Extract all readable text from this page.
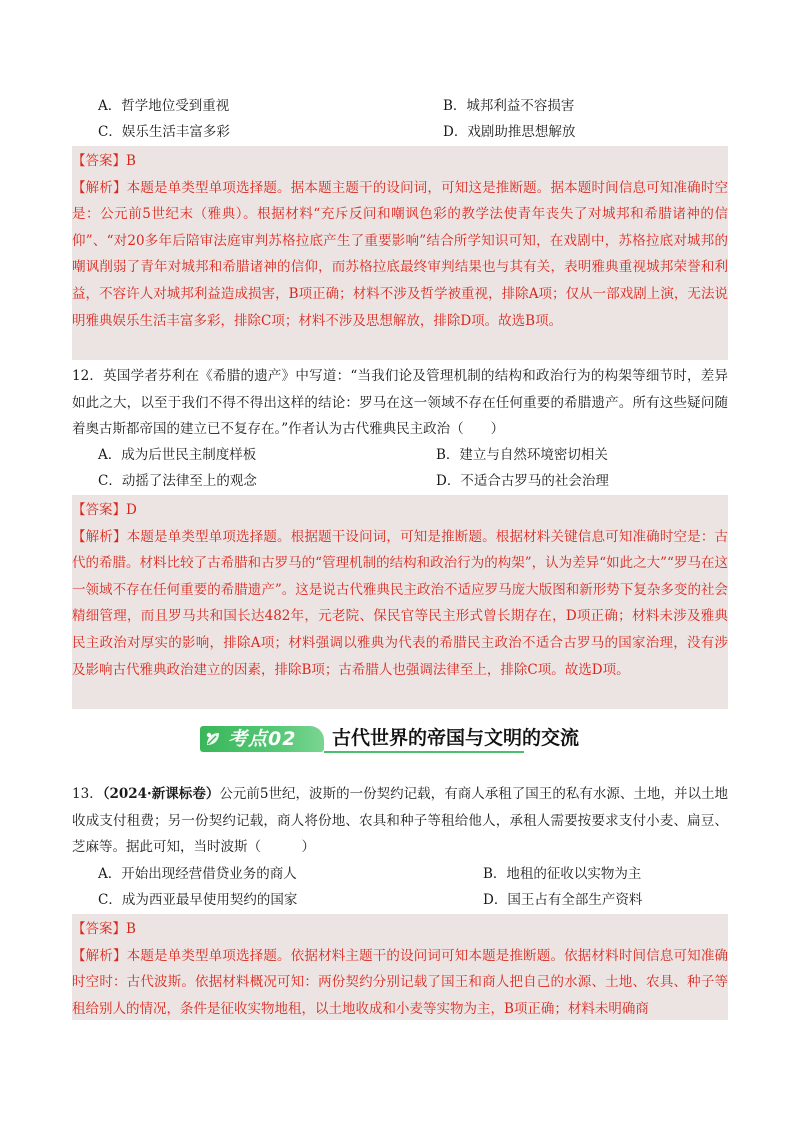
A．哲学地位受到重视	B．城邦利益不容损害
C．娱乐生活丰富多彩	D．戏剧助推思想解放

【答案】B

【解析】本题是单类型单项选择题。据本题主题干的设问词，可知这是推断题。据本题时间信息可知准确时空是：公元前5世纪末（雅典）。根据材料“充斥反问和嘲讽色彩的教学法使青年丧失了对城邦和希腊诸神的信仰”、“对20多年后陪审法庭审判苏格拉底产生了重要影响”结合所学知识可知，在戏剧中，苏格拉底对城邦的嘲讽削弱了青年对城邦和希腊诸神的信仰，而苏格拉底最终审判结果也与其有关，表明雅典重视城邦荣誉和利益，不容许人对城邦利益造成损害，B项正确；材料不涉及哲学被重视，排除A项；仅从一部戏剧上演，无法说明雅典娱乐生活丰富多彩，排除C项；材料不涉及思想解放，排除D项。故选B项。

12．英国学者芬利在《希腊的遗产》中写道：“当我们论及管理机制的结构和政治行为的构架等细节时，差异如此之大，以至于我们不得不得出这样的结论：罗马在这一领域不存在任何重要的希腊遗产。所有这些疑问随着奥古斯都帝国的建立已不复存在。”作者认为古代雅典民主政治（　　）

A．成为后世民主制度样板	B．建立与自然环境密切相关
C．动摇了法律至上的观念	D．不适合古罗马的社会治理

【答案】D

【解析】本题是单类型单项选择题。根据题干设问词，可知是推断题。根据材料关键信息可知准确时空是：古代的希腊。材料比较了古希腊和古罗马的“管理机制的结构和政治行为的构架”，认为差异“如此之大”“罗马在这一领域不存在任何重要的希腊遗产”。这是说古代雅典民主政治不适应罗马庞大版图和新形势下复杂多变的社会精细管理，而且罗马共和国长达482年，元老院、保民官等民主形式曾长期存在，D项正确；材料未涉及雅典民主政治对厚实的影响，排除A项；材料强调以雅典为代表的希腊民主政治不适合古罗马的国家治理，没有涉及影响古代雅典政治建立的因素，排除B项；古希腊人也强调法律至上，排除C项。故选D项。

考点02 古代世界的帝国与文明的交流

13．（2024·新课标卷）公元前5世纪，波斯的一份契约记载，有商人承租了国王的私有水源、土地，并以土地收成支付租费；另一份契约记载，商人将份地、农具和种子等租给他人，承租人需要按要求支付小麦、扁豆、芝麻等。据此可知，当时波斯（　　　）

A．开始出现经营借贷业务的商人	B．地租的征收以实物为主
C．成为西亚最早使用契约的国家	D．国王占有全部生产资料

【答案】B

【解析】本题是单类型单项选择题。依据材料主题干的设问词可知本题是推断题。依据材料时间信息可知准确时空时：古代波斯。依据材料概况可知：两份契约分别记载了国王和商人把自己的水源、土地、农具、种子等租给别人的情况，条件是征收实物地租，以土地收成和小麦等实物为主，B项正确；材料未明确商
